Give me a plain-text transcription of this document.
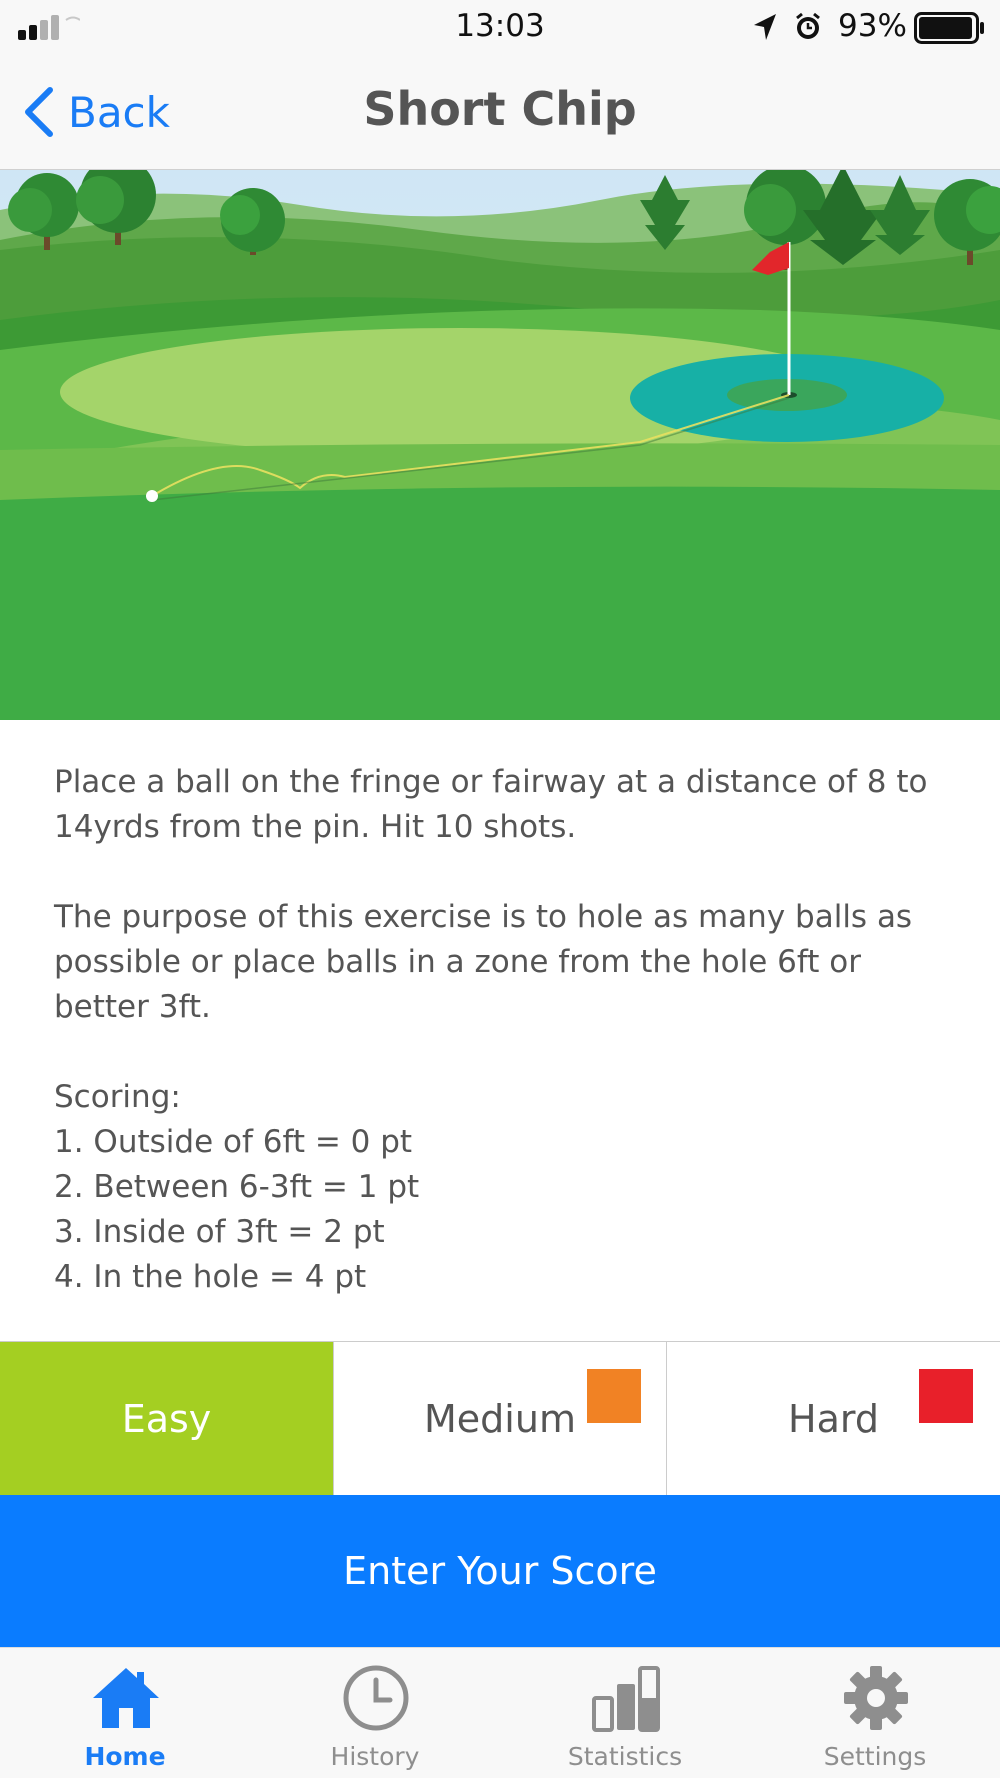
13:03	93%
Back	Short Chip

Place a ball on the fringe or fairway at a distance of 8 to 14yrds from the pin. Hit 10 shots.

The purpose of this exercise is to hole as many balls as possible or place balls in a zone from the hole 6ft or better 3ft.

Scoring:
1. Outside of 6ft = 0 pt
2. Between 6-3ft = 1 pt
3. Inside of 3ft = 2 pt
4. In the hole = 4 pt
Easy	Medium	Hard
Enter Your Score
Home	History	Statistics	Settings
